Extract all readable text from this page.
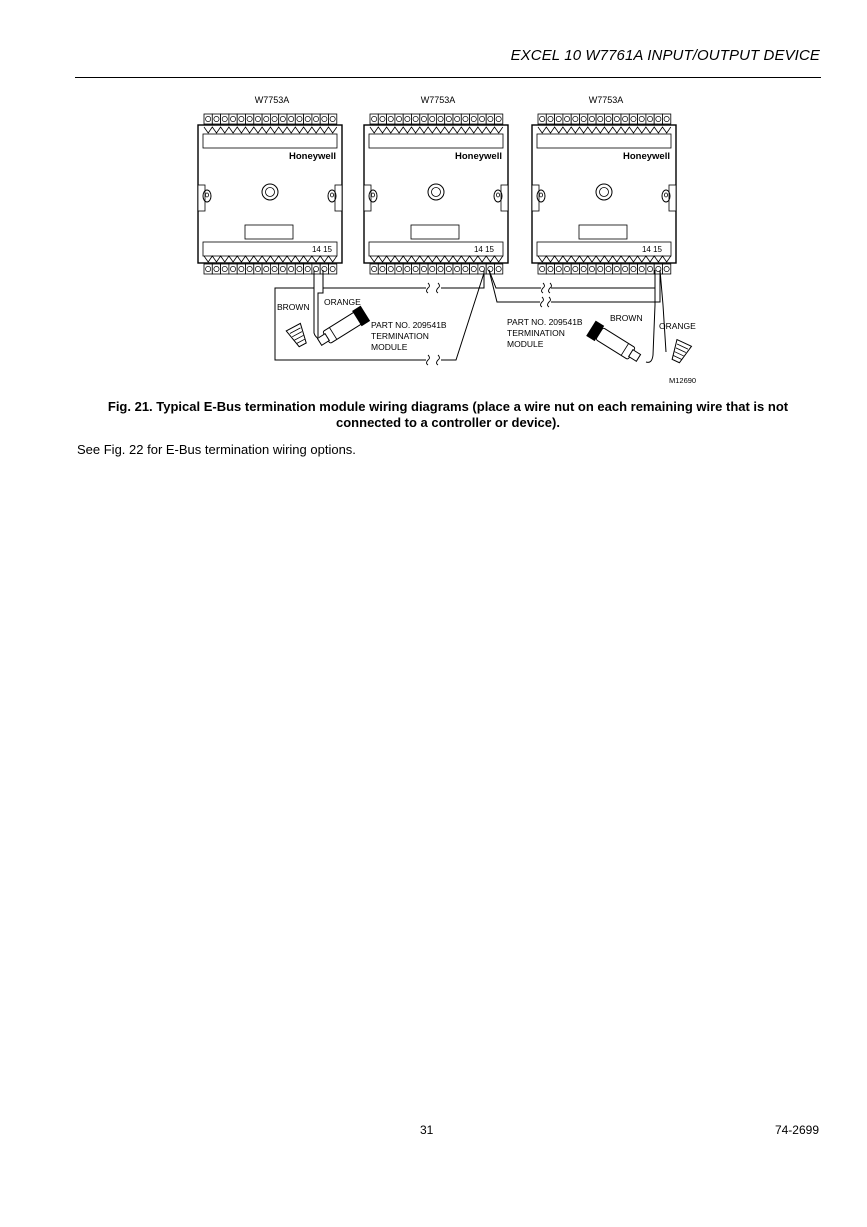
EXCEL 10 W7761A INPUT/OUTPUT DEVICE
W7753A
Honeywell
14 15
W7753A
Honeywell
14 15
W7753A
Honeywell
14 15
BROWN ORANGE
PART NO. 209541B
TERMINATION
MODULE
BROWN
ORANGE
PART NO. 209541B
TERMINATION
MODULE
M12690
Fig. 21. Typical E-Bus termination module wiring diagrams (place a wire nut on each remaining wire that is not connected to a controller or device).
See Fig. 22 for E-Bus termination wiring options.
31	74-2699
